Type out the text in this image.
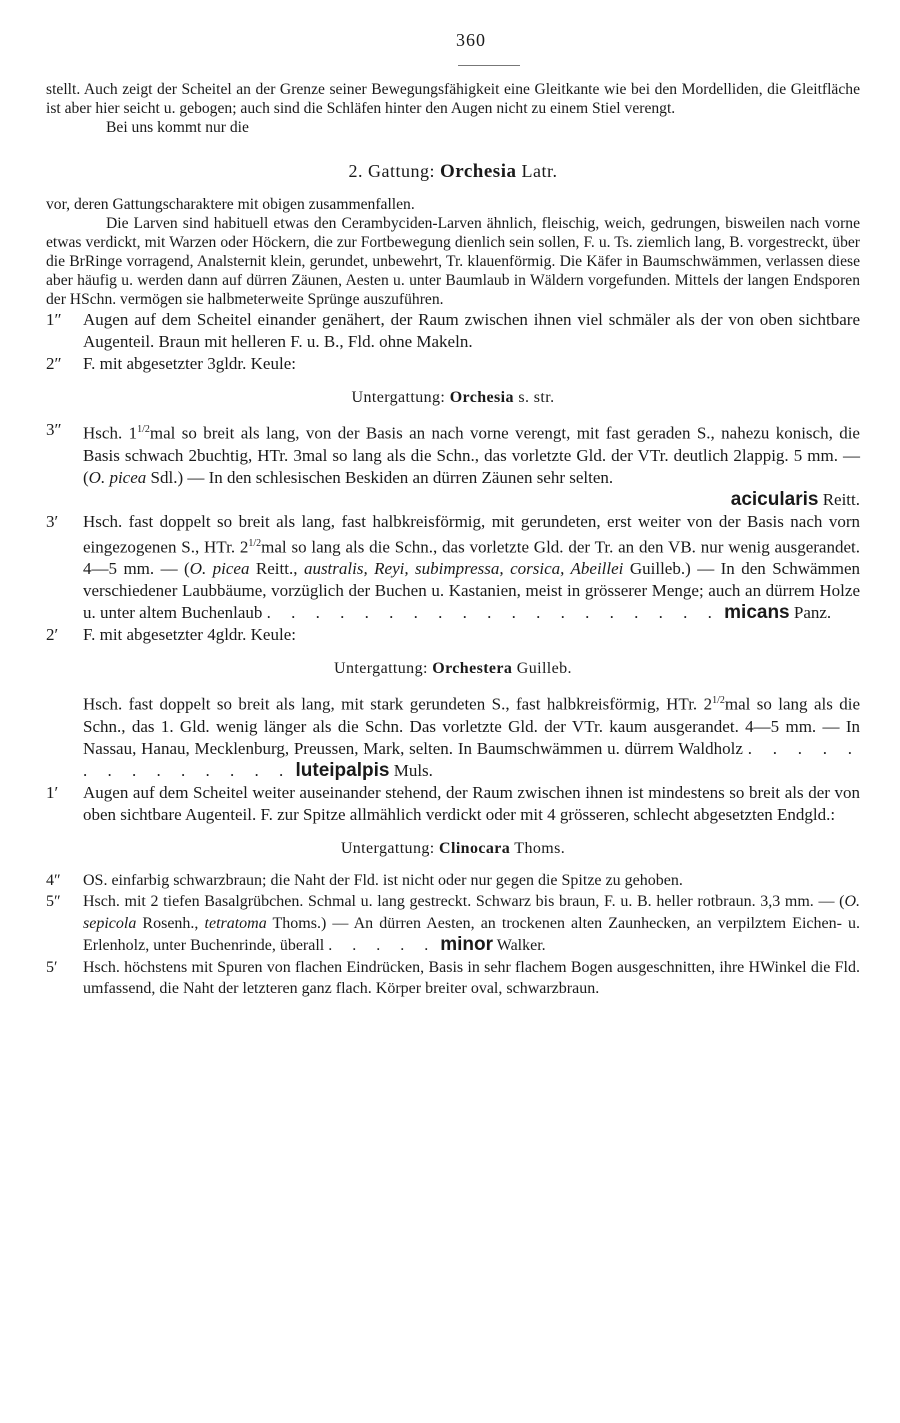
360

stellt. Auch zeigt der Scheitel an der Grenze seiner Bewegungsfähigkeit eine Gleitkante wie bei den Mordelliden, die Gleitfläche ist aber hier seicht u. gebogen; auch sind die Schläfen hinter den Augen nicht zu einem Stiel verengt.

Bei uns kommt nur die

2. Gattung: Orchesia Latr.

vor, deren Gattungscharaktere mit obigen zusammenfallen.

Die Larven sind habituell etwas den Cerambyciden-Larven ähnlich, fleischig, weich, gedrungen, bisweilen nach vorne etwas verdickt, mit Warzen oder Höckern, die zur Fortbewegung dienlich sein sollen, F. u. Ts. ziemlich lang, B. vorgestreckt, über die BrRinge vorragend, Analsternit klein, gerundet, unbewehrt, Tr. klauenförmig. Die Käfer in Baumschwämmen, verlassen diese aber häufig u. werden dann auf dürren Zäunen, Aesten u. unter Baumlaub in Wäldern vorgefunden. Mittels der langen Endsporen der HSchn. vermögen sie halbmeterweite Sprünge auszuführen.

1″ Augen auf dem Scheitel einander genähert, der Raum zwischen ihnen viel schmäler als der von oben sichtbare Augenteil. Braun mit helleren F. u. B., Fld. ohne Makeln.
2″ F. mit abgesetzter 3gldr. Keule:
Untergattung: Orchesia s. str.
3″ Hsch. $1^{1/2}mal$ so breit als lang, von der Basis an nach vorne verengt, mit fast geraden S., nahezu konisch, die Basis schwach 2buchtig, HTr. 3mal so lang als die Schn., das vorletzte Gld. der VTr. deutlich 2lappig. 5 mm. — (O. picea Sdl.) — In den schlesischen Beskiden an dürren Zäunen sehr selten.
acicularis Reitt.
3′ Hsch. fast doppelt so breit als lang, fast halbkreisförmig, mit gerundeten, erst weiter von der Basis nach vorn eingezogenen S., HTr. $2^{1/2}mal$ so lang als die Schn., das vorletzte Gld. der Tr. an den VB. nur wenig ausgerandet. 4—5 mm. — (O. picea Reitt., australis, Reyi, subimpressa, corsica, Abeillei Guilleb.) — In den Schwämmen verschiedener Laubbäume, vorzüglich der Buchen u. Kastanien, meist in grösserer Menge; auch an dürrem Holze u. unter altem Buchenlaub . . . . . . . . . . . . . . . . . . . micans Panz.
2′ F. mit abgesetzter 4gldr. Keule:
Untergattung: Orchestera Guilleb.
Hsch. fast doppelt so breit als lang, mit stark gerundeten S., fast halbkreisförmig, HTr. $2^{1/2}mal$ so lang als die Schn., das 1. Gld. wenig länger als die Schn. Das vorletzte Gld. der VTr. kaum ausgerandet. 4—5 mm. — In Nassau, Hanau, Mecklenburg, Preussen, Mark, selten. In Baumschwämmen u. dürrem Waldholz . . . . . . . . . . . . . . luteipalpis Muls.
1′ Augen auf dem Scheitel weiter auseinander stehend, der Raum zwischen ihnen ist mindestens so breit als der von oben sichtbare Augenteil. F. zur Spitze allmählich verdickt oder mit 4 grösseren, schlecht abgesetzten Endgld.:
Untergattung: Clinocara Thoms.
4″ OS. einfarbig schwarzbraun; die Naht der Fld. ist nicht oder nur gegen die Spitze zu gehoben.
5″ Hsch. mit 2 tiefen Basalgrübchen. Schmal u. lang gestreckt. Schwarz bis braun, F. u. B. heller rotbraun. 3,3 mm. — (O. sepicola Rosenh., tetratoma Thoms.) — An dürren Aesten, an trockenen alten Zaunhecken, an verpilztem Eichen- u. Erlenholz, unter Buchenrinde, überall . . . . . minor Walker.
5′ Hsch. höchstens mit Spuren von flachen Eindrücken, Basis in sehr flachem Bogen ausgeschnitten, ihre HWinkel die Fld. umfassend, die Naht der letzteren ganz flach. Körper breiter oval, schwarzbraun.
